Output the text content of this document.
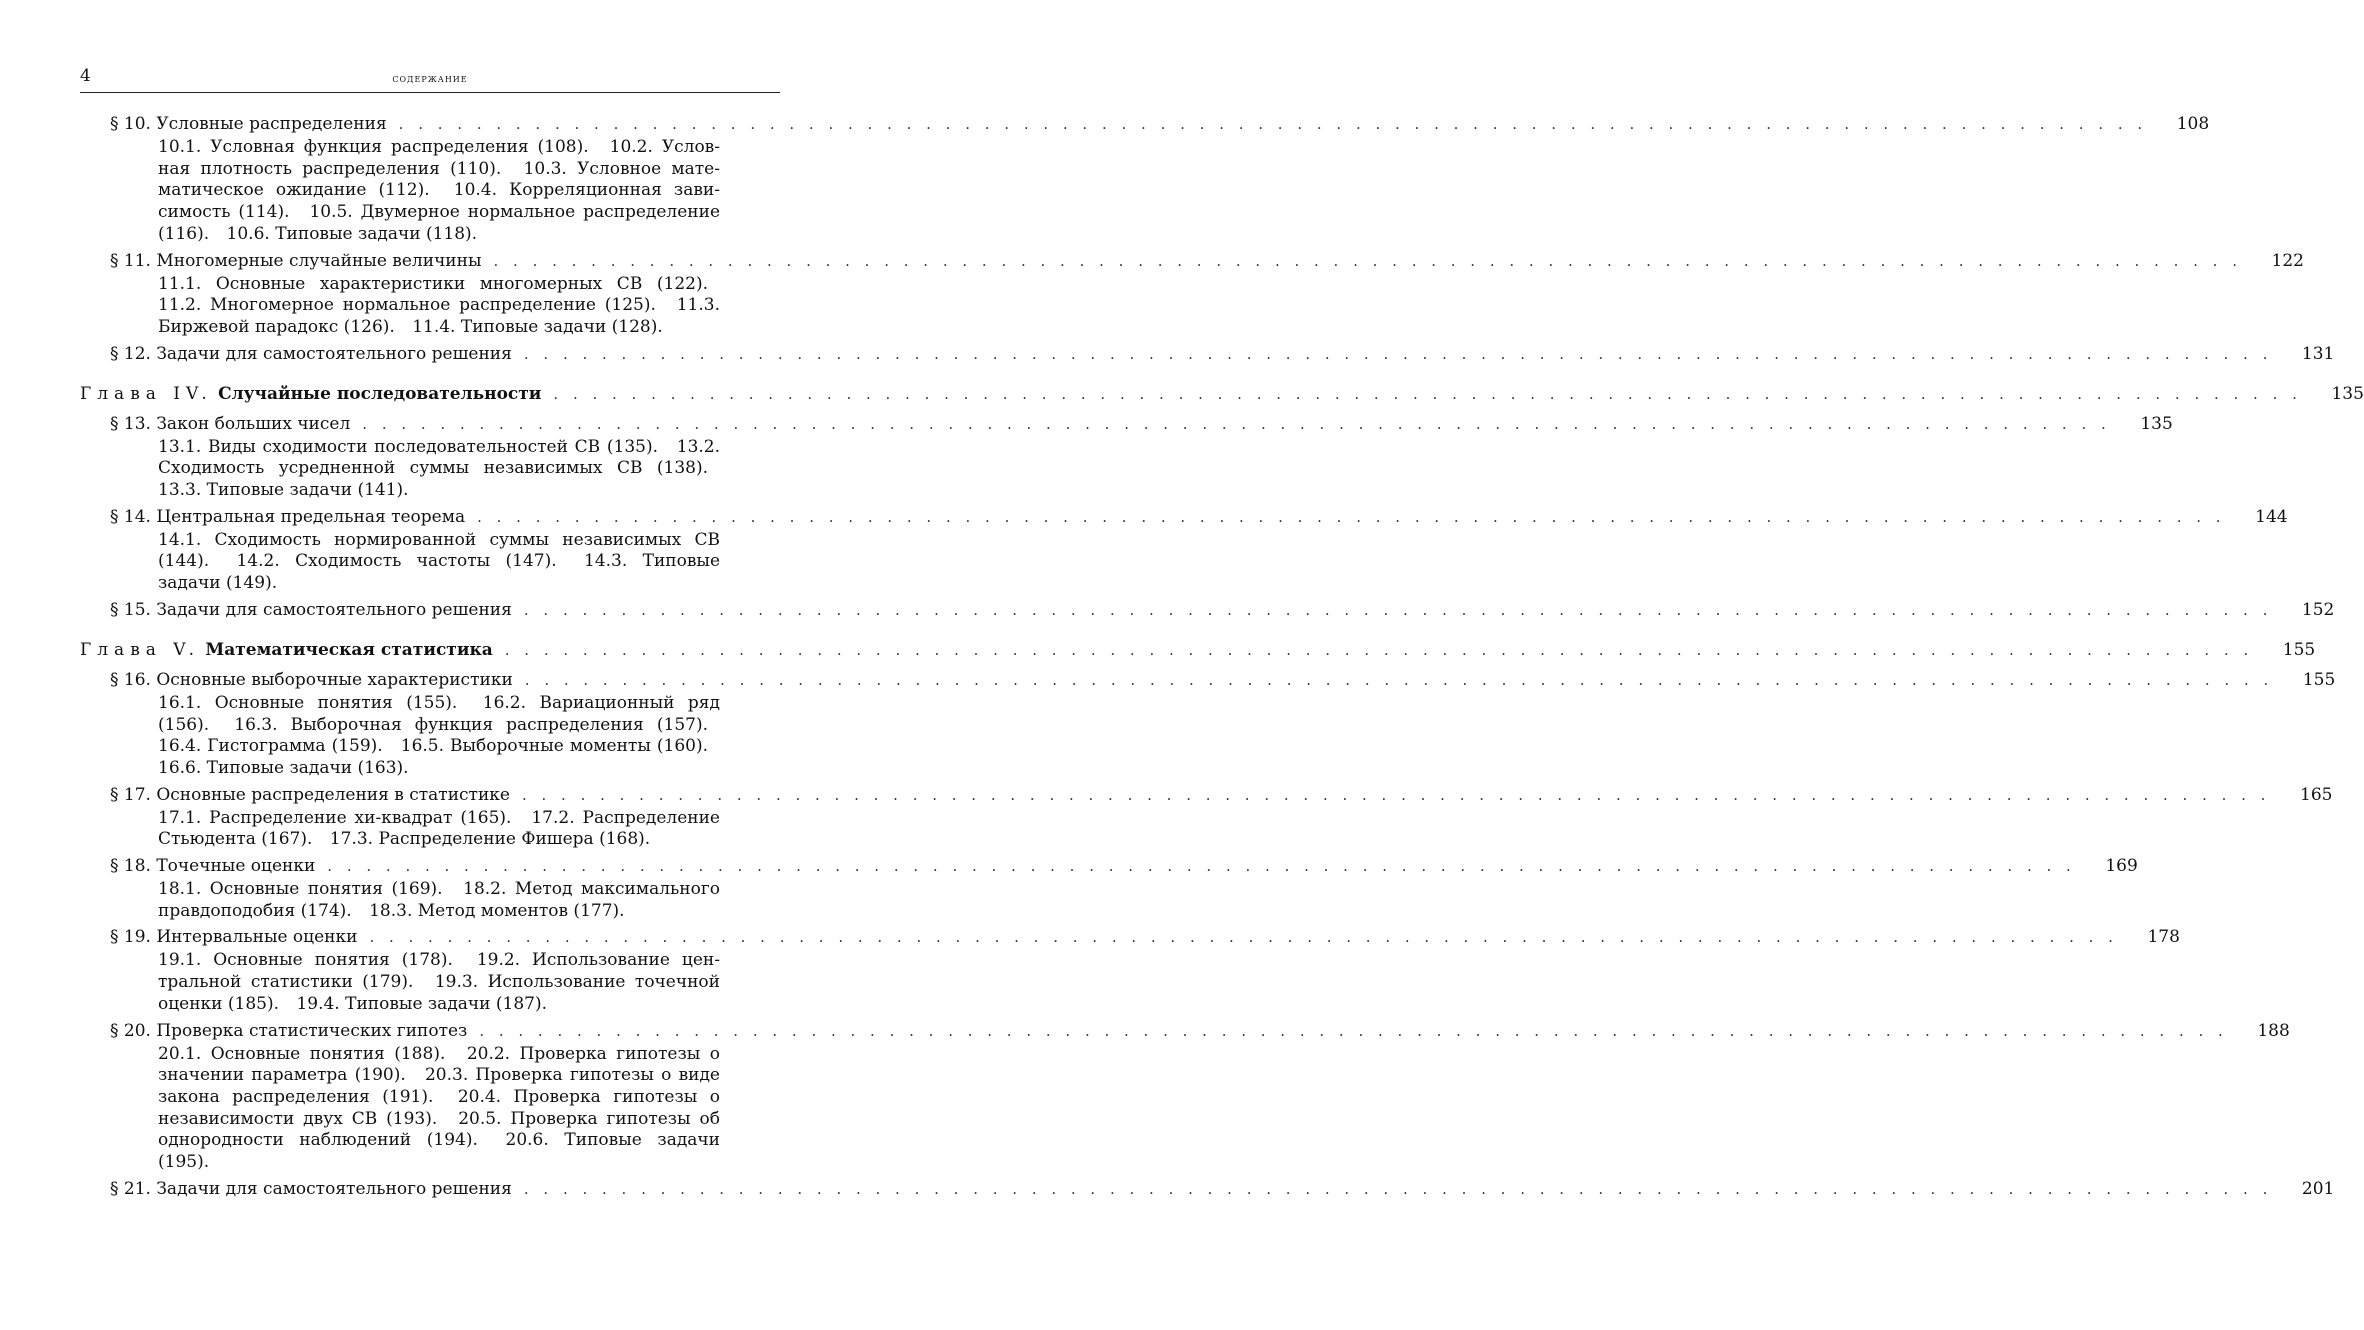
4	содержание
§ 10. Условные распределения . . . . . . . . . . . . . . . . . . . . . . . . . . . . . . . . . . . . . . . . . . . . . . . . . . . . . . . . . . . . . . . . . . . . . . . . . . . . . . . . . . . . . . . . . .	108
10.1. Условная функция распределения (108). 10.2. Условная плотность распределения (110). 10.3. Условное математическое ожидание (112). 10.4. Корреляционная зависимость (114). 10.5. Двумерное нормальное распределение (116). 10.6. Типовые задачи (118).
§ 11. Многомерные случайные величины . . . . . . . . . . . . . . . . . . . . . . . . . . . . . . . . . . . . . . . . . . . . . . . . . . . . . . . . . . . . . . . . . . . . . . . . . . . . . . . . . . . . . . . . . .	122
11.1. Основные характеристики многомерных СВ (122). 11.2. Многомерное нормальное распределение (125). 11.3. Биржевой парадокс (126). 11.4. Типовые задачи (128).
§ 12. Задачи для самостоятельного решения . . . . . . . . . . . . . . . . . . . . . . . . . . . . . . . . . . . . . . . . . . . . . . . . . . . . . . . . . . . . . . . . . . . . . . . . . . . . . . . . . . . . . . . . . .	131
Глава IV. Случайные последовательности . . . . . . . . . . . . . . . . . . . . . . . . . . . . . . . . . . . . . . . . . . . . . . . . . . . . . . . . . . . . . . . . . . . . . . . . . . . . . . . . . . . . . . . . . .	135
§ 13. Закон больших чисел . . . . . . . . . . . . . . . . . . . . . . . . . . . . . . . . . . . . . . . . . . . . . . . . . . . . . . . . . . . . . . . . . . . . . . . . . . . . . . . . . . . . . . . . . .	135
13.1. Виды сходимости последовательностей СВ (135). 13.2. Сходимость усредненной суммы независимых СВ (138). 13.3. Типовые задачи (141).
§ 14. Центральная предельная теорема . . . . . . . . . . . . . . . . . . . . . . . . . . . . . . . . . . . . . . . . . . . . . . . . . . . . . . . . . . . . . . . . . . . . . . . . . . . . . . . . . . . . . . . . . .	144
14.1. Сходимость нормированной суммы независимых СВ (144). 14.2. Сходимость частоты (147). 14.3. Типовые задачи (149).
§ 15. Задачи для самостоятельного решения . . . . . . . . . . . . . . . . . . . . . . . . . . . . . . . . . . . . . . . . . . . . . . . . . . . . . . . . . . . . . . . . . . . . . . . . . . . . . . . . . . . . . . . . . .	152
Глава V. Математическая статистика . . . . . . . . . . . . . . . . . . . . . . . . . . . . . . . . . . . . . . . . . . . . . . . . . . . . . . . . . . . . . . . . . . . . . . . . . . . . . . . . . . . . . . . . . .	155
§ 16. Основные выборочные характеристики . . . . . . . . . . . . . . . . . . . . . . . . . . . . . . . . . . . . . . . . . . . . . . . . . . . . . . . . . . . . . . . . . . . . . . . . . . . . . . . . . . . . . . . . . .	155
16.1. Основные понятия (155). 16.2. Вариационный ряд (156). 16.3. Выборочная функция распределения (157). 16.4. Гистограмма (159). 16.5. Выборочные моменты (160). 16.6. Типовые задачи (163).
§ 17. Основные распределения в статистике . . . . . . . . . . . . . . . . . . . . . . . . . . . . . . . . . . . . . . . . . . . . . . . . . . . . . . . . . . . . . . . . . . . . . . . . . . . . . . . . . . . . . . . . . .	165
17.1. Распределение хи-квадрат (165). 17.2. Распределение Стьюдента (167). 17.3. Распределение Фишера (168).
§ 18. Точечные оценки . . . . . . . . . . . . . . . . . . . . . . . . . . . . . . . . . . . . . . . . . . . . . . . . . . . . . . . . . . . . . . . . . . . . . . . . . . . . . . . . . . . . . . . . . .	169
18.1. Основные понятия (169). 18.2. Метод максимального правдоподобия (174). 18.3. Метод моментов (177).
§ 19. Интервальные оценки . . . . . . . . . . . . . . . . . . . . . . . . . . . . . . . . . . . . . . . . . . . . . . . . . . . . . . . . . . . . . . . . . . . . . . . . . . . . . . . . . . . . . . . . . .	178
19.1. Основные понятия (178). 19.2. Использование центральной статистики (179). 19.3. Использование точечной оценки (185). 19.4. Типовые задачи (187).
§ 20. Проверка статистических гипотез . . . . . . . . . . . . . . . . . . . . . . . . . . . . . . . . . . . . . . . . . . . . . . . . . . . . . . . . . . . . . . . . . . . . . . . . . . . . . . . . . . . . . . . . . .	188
20.1. Основные понятия (188). 20.2. Проверка гипотезы о значении параметра (190). 20.3. Проверка гипотезы о виде закона распределения (191). 20.4. Проверка гипотезы о независимости двух СВ (193). 20.5. Проверка гипотезы об однородности наблюдений (194). 20.6. Типовые задачи (195).
§ 21. Задачи для самостоятельного решения . . . . . . . . . . . . . . . . . . . . . . . . . . . . . . . . . . . . . . . . . . . . . . . . . . . . . . . . . . . . . . . . . . . . . . . . . . . . . . . . . . . . . . . . . .	201
